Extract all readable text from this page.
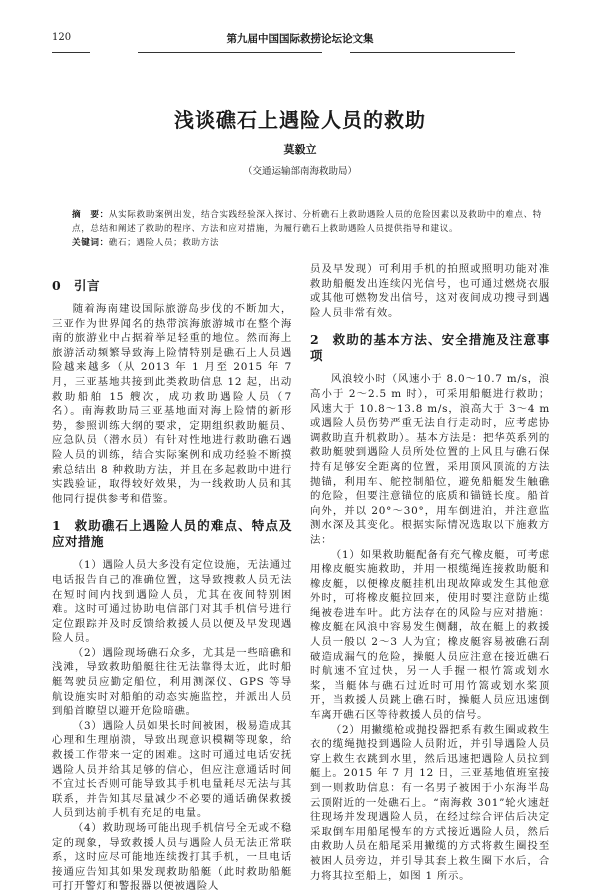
120	第九届中国国际救捞论坛论文集
浅谈礁石上遇险人员的救助
莫毅立
（交通运输部南海救助局）
摘　要：从实际救助案例出发，结合实践经验深入探讨、分析礁石上救助遇险人员的危险因素以及救助中的难点、特点，总结和阐述了救助的程序、方法和应对措施，为履行礁石上救助遇险人员提供指导和建议。
关键词：礁石；遇险人员；救助方法
0 引言

随着海南建设国际旅游岛步伐的不断加大，三亚作为世界闻名的热带滨海旅游城市在整个海南的旅游业中占据着举足轻重的地位。然而海上旅游活动频繁导致海上险情特别是礁石上人员遇险越来越多（从 2013 年 1 月至 2015 年 7 月，三亚基地共接到此类救助信息 12 起，出动救助船舶 15 艘次，成功救助遇险人员（7 名）。南海救助局三亚基地面对海上险情的新形势，参照训练大纲的要求，定期组织救助艇员、应急队员（潜水员）有针对性地进行救助礁石遇险人员的训练，结合实际案例和成功经验不断摸索总结出 8 种救助方法，并且在多起救助中进行实践验证，取得较好效果，为一线救助人员和其他同行提供参考和借鉴。

1 救助礁石上遇险人员的难点、特点及应对措施

（1）遇险人员大多没有定位设施，无法通过电话报告自己的准确位置，这导致搜救人员无法在短时间内找到遇险人员，尤其在夜间特别困难。这时可通过协助电信部门对其手机信号进行定位跟踪并及时反馈给救援人员以便及早发现遇险人员。

（2）遇险现场礁石众多，尤其是一些暗礁和浅滩，导致救助船艇往往无法靠得太近，此时船艇驾驶员应勤定船位，利用测深仪、GPS 等导航设施实时对船舶的动态实施监控，并派出人员到船首瞭望以避开危险暗礁。

（3）遇险人员如果长时间被困，极易造成其心理和生理崩溃，导致出现意识模糊等现象，给救援工作带来一定的困难。这时可通过电话安抚遇险人员并给其足够的信心，但应注意通话时间不宜过长否则可能导致其手机电量耗尽无法与其联系，并告知其尽量减少不必要的通话确保救援人员到达前手机有充足的电量。

（4）救助现场可能出现手机信号全无或不稳定的现象，导致救援人员与遇险人员无法正常联系，这时应尽可能地连续拨打其手机，一旦电话接通应告知其如果发现救助船艇（此时救助船艇可打开警灯和警报器以便被遇险人

员及早发现）可利用手机的拍照或照明功能对准救助船艇发出连续闪光信号，也可通过燃烧衣服或其他可燃物发出信号，这对夜间成功搜寻到遇险人员非常有效。

2 救助的基本方法、安全措施及注意事项

风浪较小时（风速小于 8.0～10.7 m/s，浪高小于 2～2.5 m 时），可采用船艇进行救助；风速大于 10.8～13.8 m/s，浪高大于 3～4 m 或遇险人员伤势严重无法自行走动时，应考虑协调救助直升机救助）。基本方法是：把华英系列的救助艇驶到遇险人员所处位置的上风且与礁石保持有足够安全距离的位置，采用顶风顶流的方法抛锚，利用车、舵控制船位，避免船艇发生触礁的危险，但要注意锚位的底质和锚链长度。船首向外，并以 20°～30°，用车倒进泊，并注意监测水深及其变化。根据实际情况选取以下施救方法：

（1）如果救助艇配备有充气橡皮艇，可考虑用橡皮艇实施救助，并用一根缆绳连接救助艇和橡皮艇，以便橡皮艇挂机出现故障或发生其他意外时，可将橡皮艇拉回来，使用时要注意防止缆绳被卷进车叶。此方法存在的风险与应对措施：橡皮艇在风浪中容易发生侧翻，故在艇上的救援人员一般以 2～3 人为宜；橡皮艇容易被礁石刮破造成漏气的危险，操艇人员应注意在接近礁石时航速不宜过快，另一人手握一根竹篙或划水桨，当艇体与礁石过近时可用竹篙或划水桨顶开，当救援人员跳上礁石时，操艇人员应迅速倒车离开礁石区等待救援人员的信号。

（2）用撇缆枪或抛投器把系有救生圈或救生衣的缆绳抛投到遇险人员附近，并引导遇险人员穿上救生衣跳到水里，然后迅速把遇险人员拉到艇上。2015 年 7 月 12 日，三亚基地值班室接到一则救助信息：有一名男子被困于小东海半岛云顶附近的一处礁石上。“南海救 301”轮火速赶往现场并发现遇险人员，在经过综合评估后决定采取倒车用船尾慢车的方式接近遇险人员，然后由救助人员在船尾采用撇缆的方式将救生圈投至被困人员旁边，并引导其套上救生圈下水后，合力将其拉至船上，如图 1 所示。
